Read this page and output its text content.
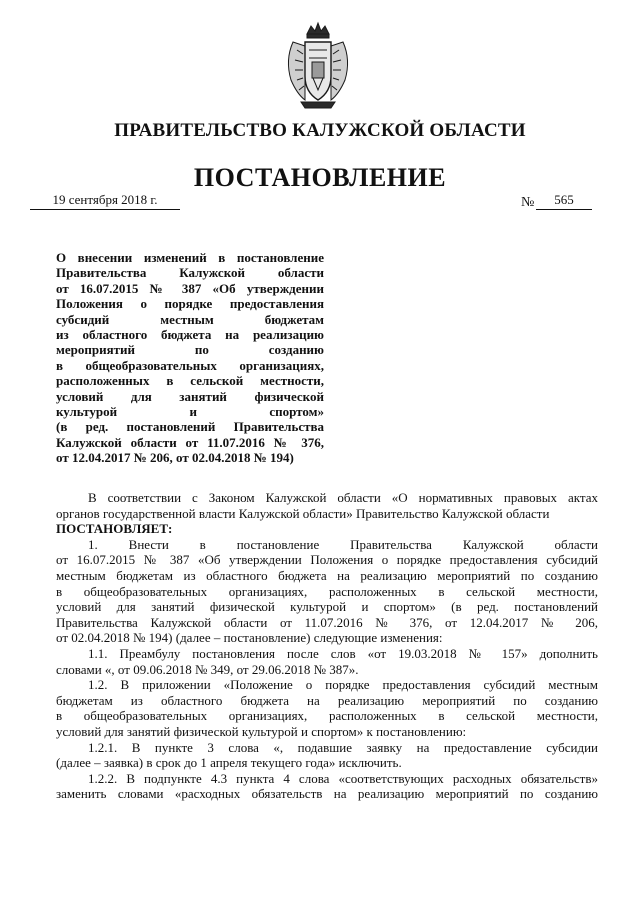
ПРАВИТЕЛЬСТВО КАЛУЖСКОЙ ОБЛАСТИ
ПОСТАНОВЛЕНИЕ
19 сентября 2018 г.	№	565

О внесении изменений в постановление
Правительства Калужской области
от 16.07.2015 № 387 «Об утверждении
Положения о порядке предоставления
субсидий местным бюджетам
из областного бюджета на реализацию
мероприятий по созданию
в общеобразовательных организациях,
расположенных в сельской местности,
условий для занятий физической
культурой и спортом»
(в ред. постановлений Правительства
Калужской области от 11.07.2016 № 376,
от 12.04.2017 № 206, от 02.04.2018 № 194)

В соответствии с Законом Калужской области «О нормативных правовых актах
органов государственной власти Калужской области» Правительство Калужской области

ПОСТАНОВЛЯЕТ:

1. Внести в постановление Правительства Калужской области
от 16.07.2015 № 387 «Об утверждении Положения о порядке предоставления субсидий
местным бюджетам из областного бюджета на реализацию мероприятий по созданию
в общеобразовательных организациях, расположенных в сельской местности,
условий для занятий физической культурой и спортом» (в ред. постановлений
Правительства Калужской области от 11.07.2016 № 376, от 12.04.2017 № 206,
от 02.04.2018 № 194) (далее – постановление) следующие изменения:

1.1. Преамбулу постановления после слов «от 19.03.2018 № 157» дополнить
словами «, от 09.06.2018 № 349, от 29.06.2018 № 387».

1.2. В приложении «Положение о порядке предоставления субсидий местным
бюджетам из областного бюджета на реализацию мероприятий по созданию
в общеобразовательных организациях, расположенных в сельской местности,
условий для занятий физической культурой и спортом» к постановлению:

1.2.1. В пункте 3 слова «, подавшие заявку на предоставление субсидии
(далее – заявка) в срок до 1 апреля текущего года» исключить.

1.2.2. В подпункте 4.3 пункта 4 слова «соответствующих расходных обязательств»
заменить словами «расходных обязательств на реализацию мероприятий по созданию
